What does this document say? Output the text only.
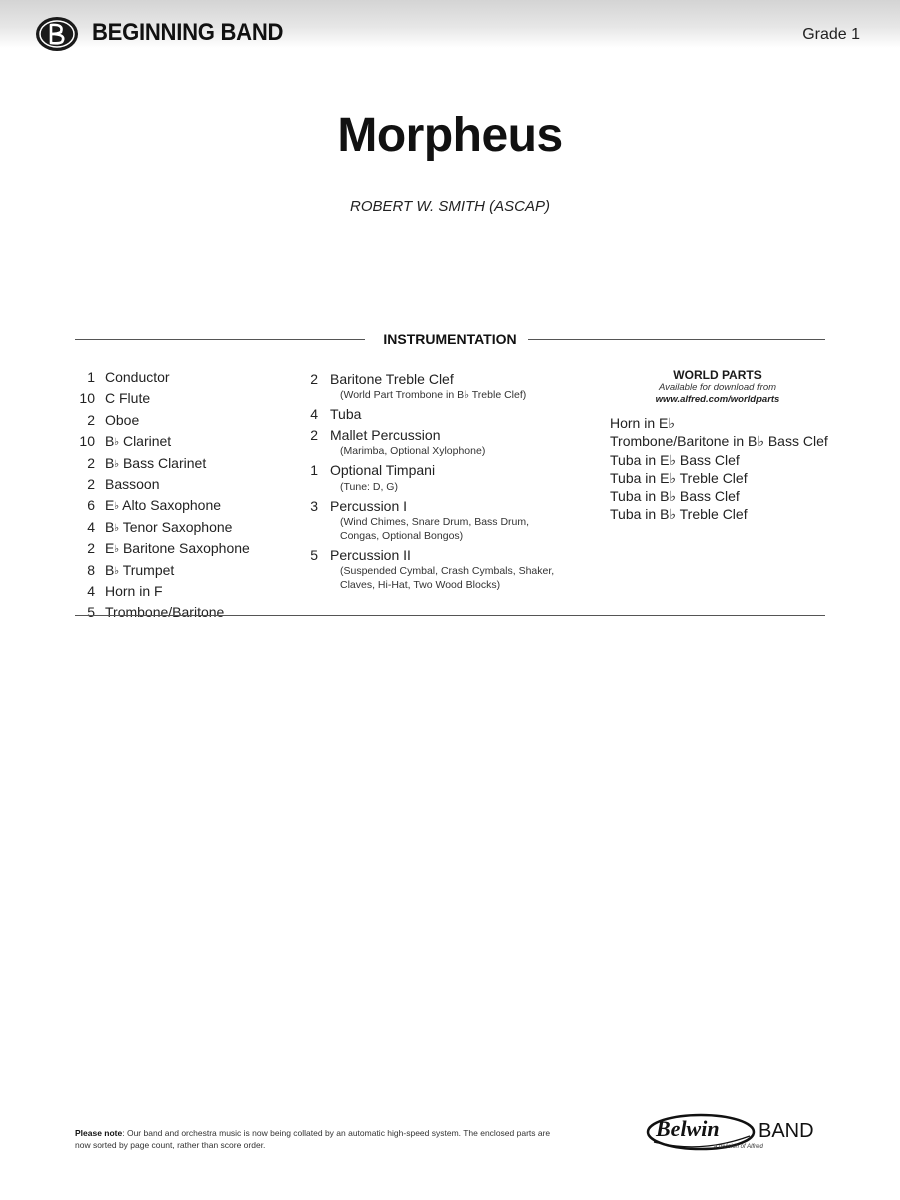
BEGINNING BAND	Grade 1
Morpheus
ROBERT W. SMITH (ASCAP)
INSTRUMENTATION
1 Conductor
10 C Flute
2 Oboe
10 B♭ Clarinet
2 B♭ Bass Clarinet
2 Bassoon
6 E♭ Alto Saxophone
4 B♭ Tenor Saxophone
2 E♭ Baritone Saxophone
8 B♭ Trumpet
4 Horn in F
5 Trombone/Baritone
2 Baritone Treble Clef
(World Part Trombone in B♭ Treble Clef)
4 Tuba
2 Mallet Percussion
(Marimba, Optional Xylophone)
1 Optional Timpani
(Tune: D, G)
3 Percussion I
(Wind Chimes, Snare Drum, Bass Drum, Congas, Optional Bongos)
5 Percussion II
(Suspended Cymbal, Crash Cymbals, Shaker, Claves, Hi-Hat, Two Wood Blocks)
WORLD PARTS
Available for download from
www.alfred.com/worldparts
Horn in E♭
Trombone/Baritone in B♭ Bass Clef
Tuba in E♭ Bass Clef
Tuba in E♭ Treble Clef
Tuba in B♭ Bass Clef
Tuba in B♭ Treble Clef
Please note: Our band and orchestra music is now being collated by an automatic high-speed system. The enclosed parts are now sorted by page count, rather than score order.
Belwin BAND
a division of Alfred
